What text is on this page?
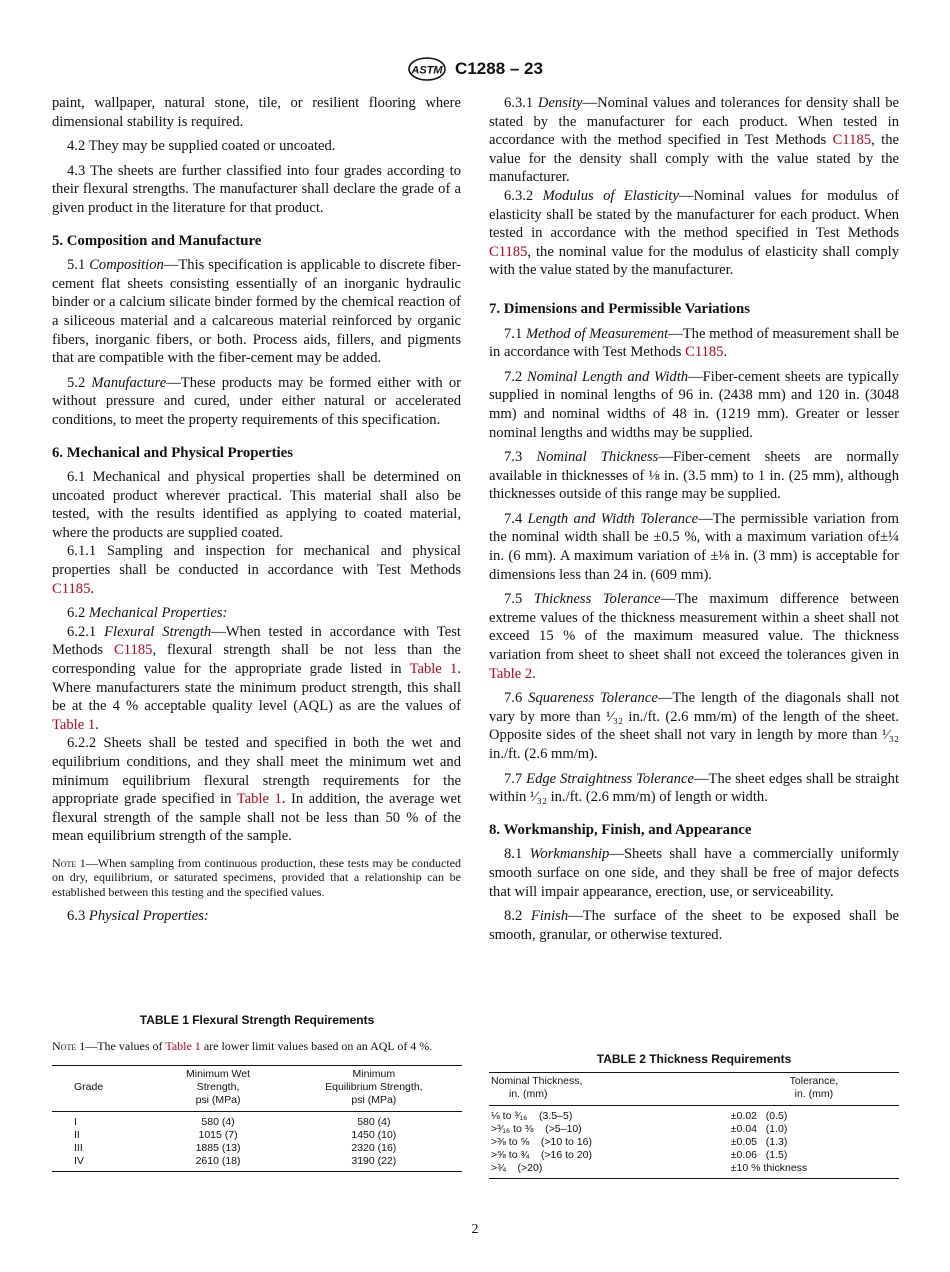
ASTM C1288 – 23

paint, wallpaper, natural stone, tile, or resilient flooring where dimensional stability is required.

4.2 They may be supplied coated or uncoated.

4.3 The sheets are further classified into four grades according to their flexural strengths. The manufacturer shall declare the grade of a given product in the literature for that product.

5. Composition and Manufacture

5.1 Composition—This specification is applicable to discrete fiber-cement flat sheets consisting essentially of an inorganic hydraulic binder or a calcium silicate binder formed by the chemical reaction of a siliceous material and a calcareous material reinforced by organic fibers, inorganic fibers, or both. Process aids, fillers, and pigments that are compatible with the fiber-cement may be added.

5.2 Manufacture—These products may be formed either with or without pressure and cured, under either natural or accelerated conditions, to meet the property requirements of this specification.

6. Mechanical and Physical Properties

6.1 Mechanical and physical properties shall be determined on uncoated product wherever practical. This material shall also be tested, with the results identified as applying to coated material, where the products are supplied coated.

6.1.1 Sampling and inspection for mechanical and physical properties shall be conducted in accordance with Test Methods C1185.

6.2 Mechanical Properties:

6.2.1 Flexural Strength—When tested in accordance with Test Methods C1185, flexural strength shall be not less than the corresponding value for the appropriate grade listed in Table 1. Where manufacturers state the minimum product strength, this shall be at the 4 % acceptable quality level (AQL) as are the values of Table 1.

6.2.2 Sheets shall be tested and specified in both the wet and equilibrium conditions, and they shall meet the minimum wet and minimum equilibrium flexural strength requirements for the appropriate grade specified in Table 1. In addition, the average wet flexural strength of the sample shall not be less than 50 % of the mean equilibrium strength of the sample.

Note 1—When sampling from continuous production, these tests may be conducted on dry, equilibrium, or saturated specimens, provided that a relationship can be established between this testing and the specified values.

6.3 Physical Properties:

6.3.1 Density—Nominal values and tolerances for density shall be stated by the manufacturer for each product. When tested in accordance with the method specified in Test Methods C1185, the value for the density shall comply with the value stated by the manufacturer.

6.3.2 Modulus of Elasticity—Nominal values for modulus of elasticity shall be stated by the manufacturer for each product. When tested in accordance with the method specified in Test Methods C1185, the nominal value for the modulus of elasticity shall comply with the value stated by the manufacturer.

7. Dimensions and Permissible Variations

7.1 Method of Measurement—The method of measurement shall be in accordance with Test Methods C1185.

7.2 Nominal Length and Width—Fiber-cement sheets are typically supplied in nominal lengths of 96 in. (2438 mm) and 120 in. (3048 mm) and nominal widths of 48 in. (1219 mm). Greater or lesser nominal lengths and widths may be supplied.

7.3 Nominal Thickness—Fiber-cement sheets are normally available in thicknesses of ⅛ in. (3.5 mm) to 1 in. (25 mm), although thicknesses outside of this range may be supplied.

7.4 Length and Width Tolerance—The permissible variation from the nominal width shall be ±0.5 %, with a maximum variation of±¼ in. (6 mm). A maximum variation of ±⅛ in. (3 mm) is acceptable for dimensions less than 24 in. (609 mm).

7.5 Thickness Tolerance—The maximum difference between extreme values of the thickness measurement within a sheet shall not exceed 15 % of the maximum measured value. The thickness variation from sheet to sheet shall not exceed the tolerances given in Table 2.

7.6 Squareness Tolerance—The length of the diagonals shall not vary by more than ¹⁄₃₂ in./ft. (2.6 mm/m) of the length of the sheet. Opposite sides of the sheet shall not vary in length by more than ¹⁄₃₂ in./ft. (2.6 mm/m).

7.7 Edge Straightness Tolerance—The sheet edges shall be straight within ¹⁄₃₂ in./ft. (2.6 mm/m) of length or width.

8. Workmanship, Finish, and Appearance

8.1 Workmanship—Sheets shall have a commercially uniformly smooth surface on one side, and they shall be free of major defects that will impair appearance, erection, use, or serviceability.

8.2 Finish—The surface of the sheet to be exposed shall be smooth, granular, or otherwise textured.

TABLE 1 Flexural Strength Requirements

Note 1—The values of Table 1 are lower limit values based on an AQL of 4 %.

Grade	Minimum Wet
Strength,
psi (MPa)	Minimum
Equilibrium Strength,
psi (MPa)

I	580 (4)	580 (4)
II	1015 (7)	1450 (10)
III	1885 (13)	2320 (16)
IV	2610 (18)	3190 (22)

TABLE 2 Thickness Requirements

Nominal Thickness,
in. (mm)	Tolerance,
in. (mm)

⅛ to ³⁄₁₆    (3.5–5)	±0.02   (0.5)
>³⁄₁₆ to ⅜    (>5–10)	±0.04   (1.0)
>⅜ to ⅝    (>10 to 16)	±0.05   (1.3)
>⅝ to ¾    (>16 to 20)	±0.06   (1.5)
>¾    (>20)	±10 % thickness
2
